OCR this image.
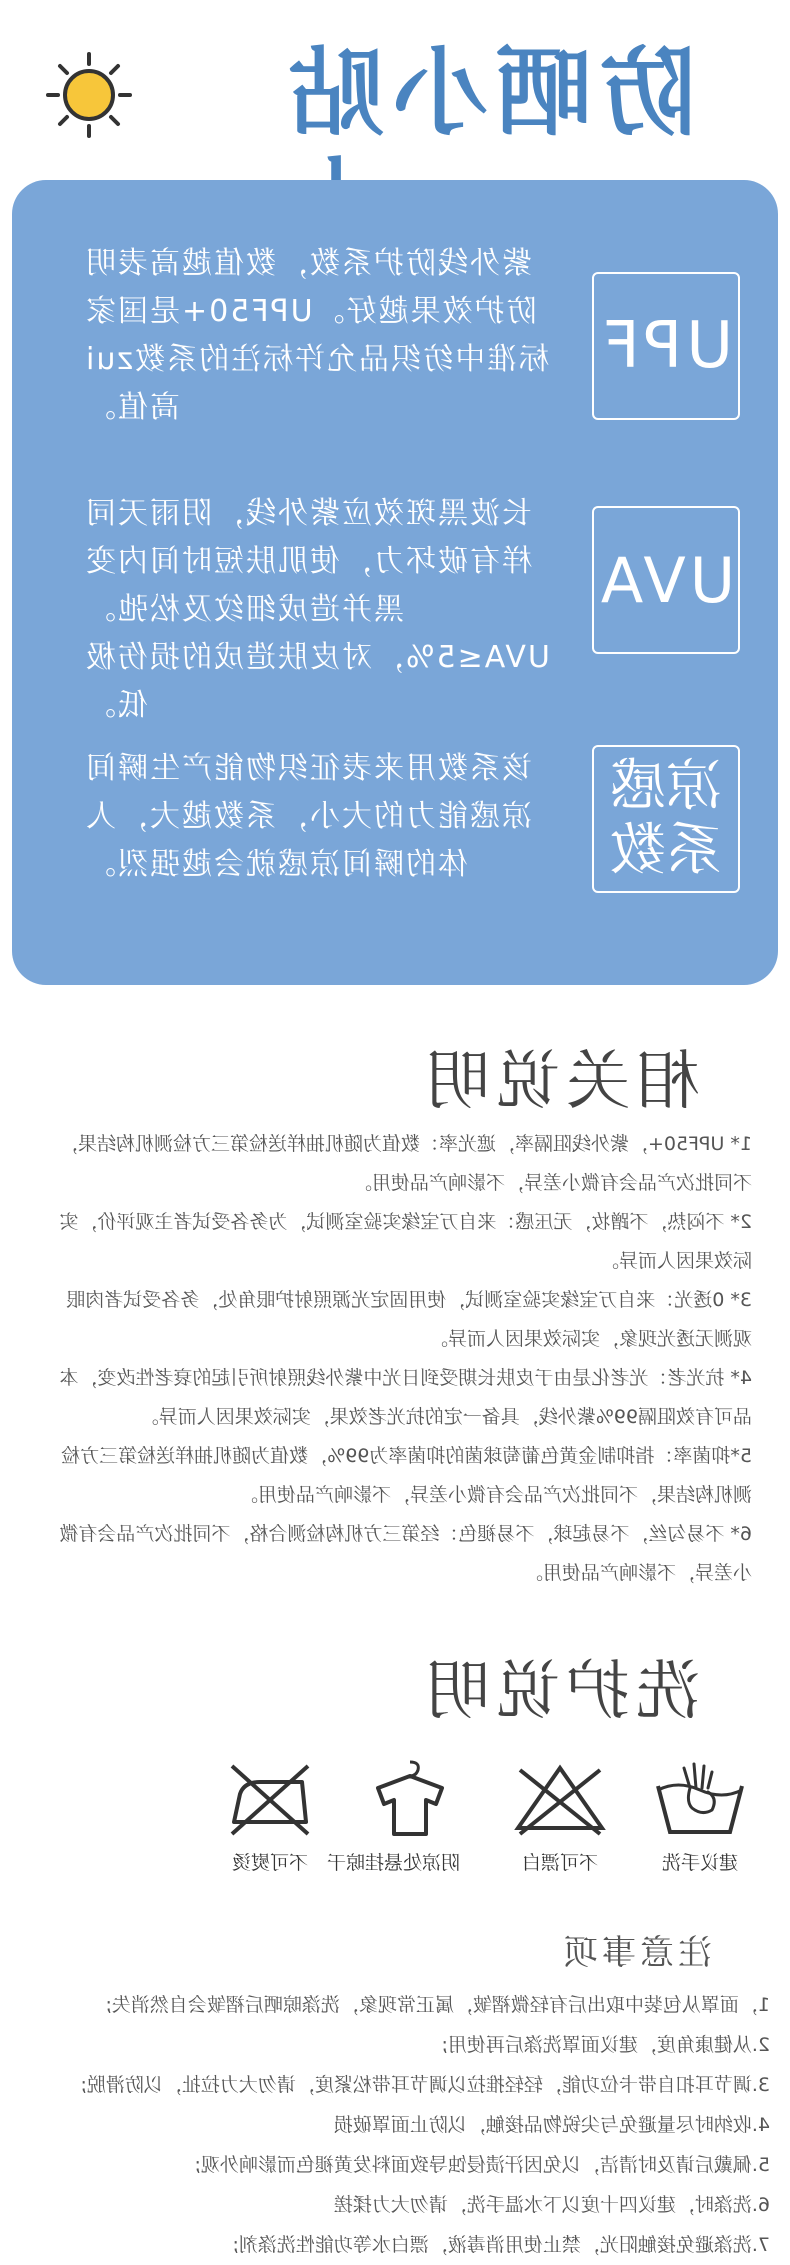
防晒小贴
紫外线防护系数，数值越高表明防护效果越好。UPF50+是国家标准中纺织品允许标注的系数zui高值。
UPF
长波黑斑效应紫外线，阴雨天同样有破坏力，使肌肤短时间内变黑并造成细纹及松弛。UVA≤5%，对皮肤造成的损伤极低。
UVA
该系数用来表征织物能产生瞬间凉感能力的大小，系数越大，人体的瞬间凉感就会越强烈。
凉感系数
相关说明
1* UPF50+，紫外线阻隔率，遮光率：数值为随机抽样送检第三方检测机构结果，不同批次产品会有微小差异，不影响产品使用。
2* 不闷热，不蹭妆，无压感：来自万宝缘实验室测试，为务各受试者主观评价，实际效果因人而异。
3* 0透光：来自万宝缘实验室测试，使用固定光源照射护眼角处，务各受试者肉眼观测无透光现象，实际效果因人而异。
4* 抗光老：光老化是由于皮肤长期受到日光中紫外线照射所引起的衰老性改变，本品可有效阻隔99%紫外线，具备一定的抗光老效果，实际效果因人而异。
5*抑菌率：指抑制金黄色葡萄球菌的抑菌率为99%，数值为随机抽样送检第三方检测机构结果，不同批次产品会有微小差异，不影响产品使用。
6* 不易勾丝，不易起球，不易褪色：经第三方机构检测合格，不同批次产品会有微小差异，不影响产品使用。
洗护说明
建议手洗
不可漂白
阴凉处悬挂晾干
不可熨烫
注意事项
1，面罩从包装中取出后有轻微褶皱，属正常现象，洗涤晾晒后褶皱会自然消失;
2.从健康角度，建议面罩洗涤后再使用;
3.调节耳扣自带卡位功能，轻轻推拉以调节耳带松紧度，请勿大力拉扯，以防滑脱;
4.收纳时尽量避免与尖锐物品接触，以防止面罩破损
5.佩戴后请及时清洁，以免因汗渍侵蚀导致面料发黄褪色而影响外观;
6.洗涤时，建议四十度以下水温手洗，请勿大力揉搓
7.洗涤避免接触阳光，禁止使用消毒液，漂白水等功能性洗涤剂;
